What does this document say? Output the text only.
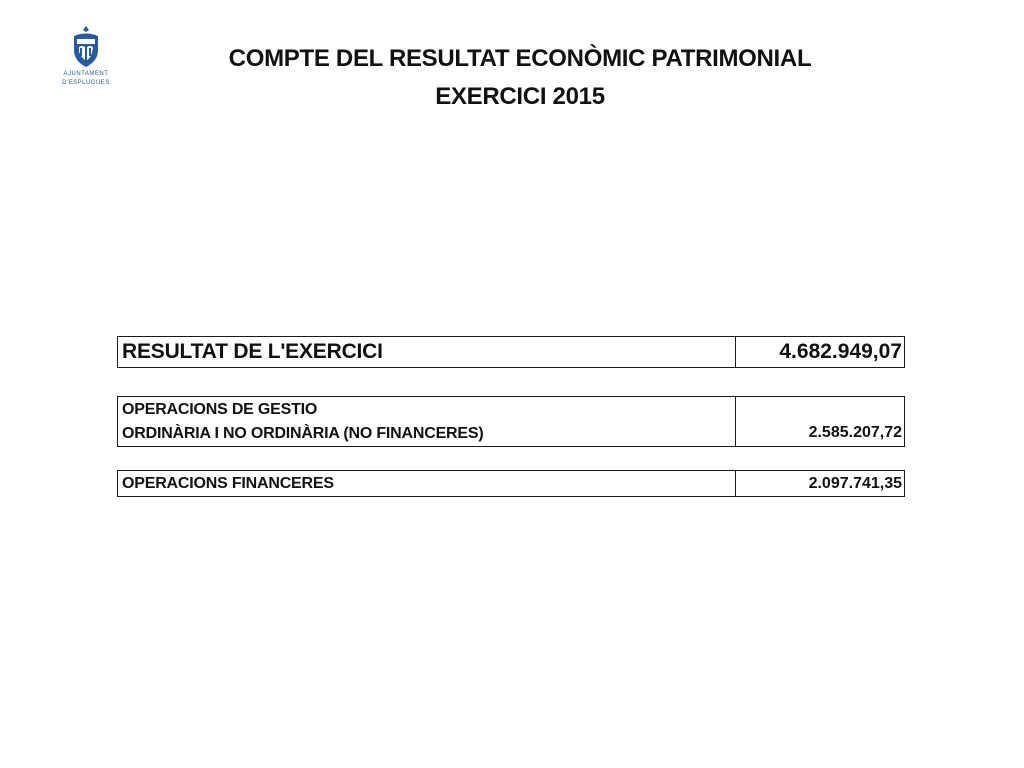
AJUNTAMENT
D'ESPLUGUES
COMPTE DEL RESULTAT ECONÒMIC PATRIMONIAL
EXERCICI 2015
RESULTAT DE L'EXERCICI	4.682.949,07
OPERACIONS DE GESTIO
ORDINÀRIA I NO ORDINÀRIA (NO FINANCERES)	2.585.207,72
OPERACIONS FINANCERES	2.097.741,35
